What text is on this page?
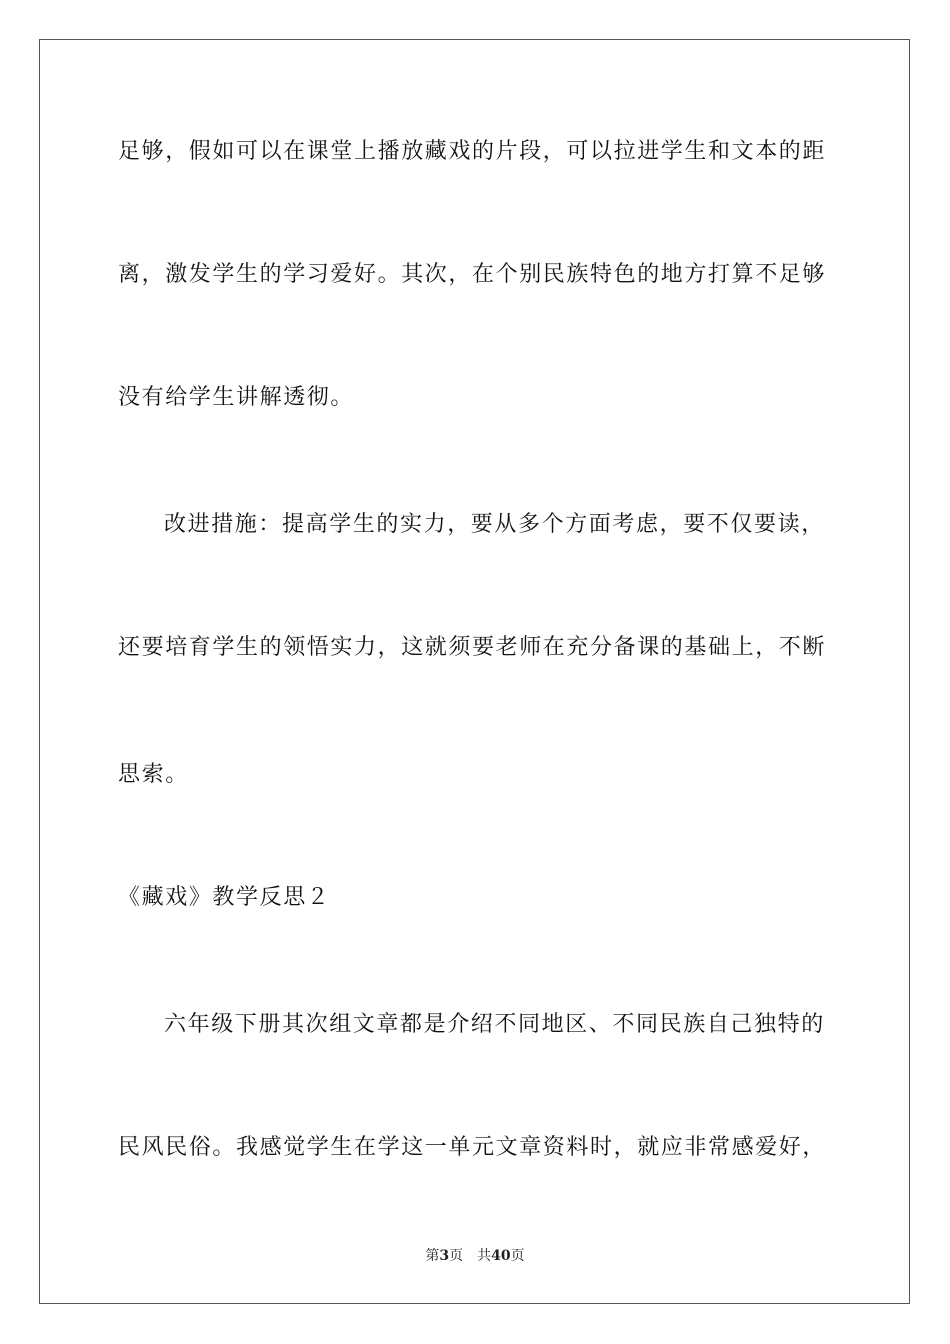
足够，假如可以在课堂上播放藏戏的片段，可以拉进学生和文本的距
离，激发学生的学习爱好。其次，在个别民族特色的地方打算不足够
没有给学生讲解透彻。
改进措施：提高学生的实力，要从多个方面考虑，要不仅要读，
还要培育学生的领悟实力，这就须要老师在充分备课的基础上，不断
思索。
《藏戏》教学反思２
六年级下册其次组文章都是介绍不同地区、不同民族自己独特的
民风民俗。我感觉学生在学这一单元文章资料时，就应非常感爱好，
第3页 共40页
